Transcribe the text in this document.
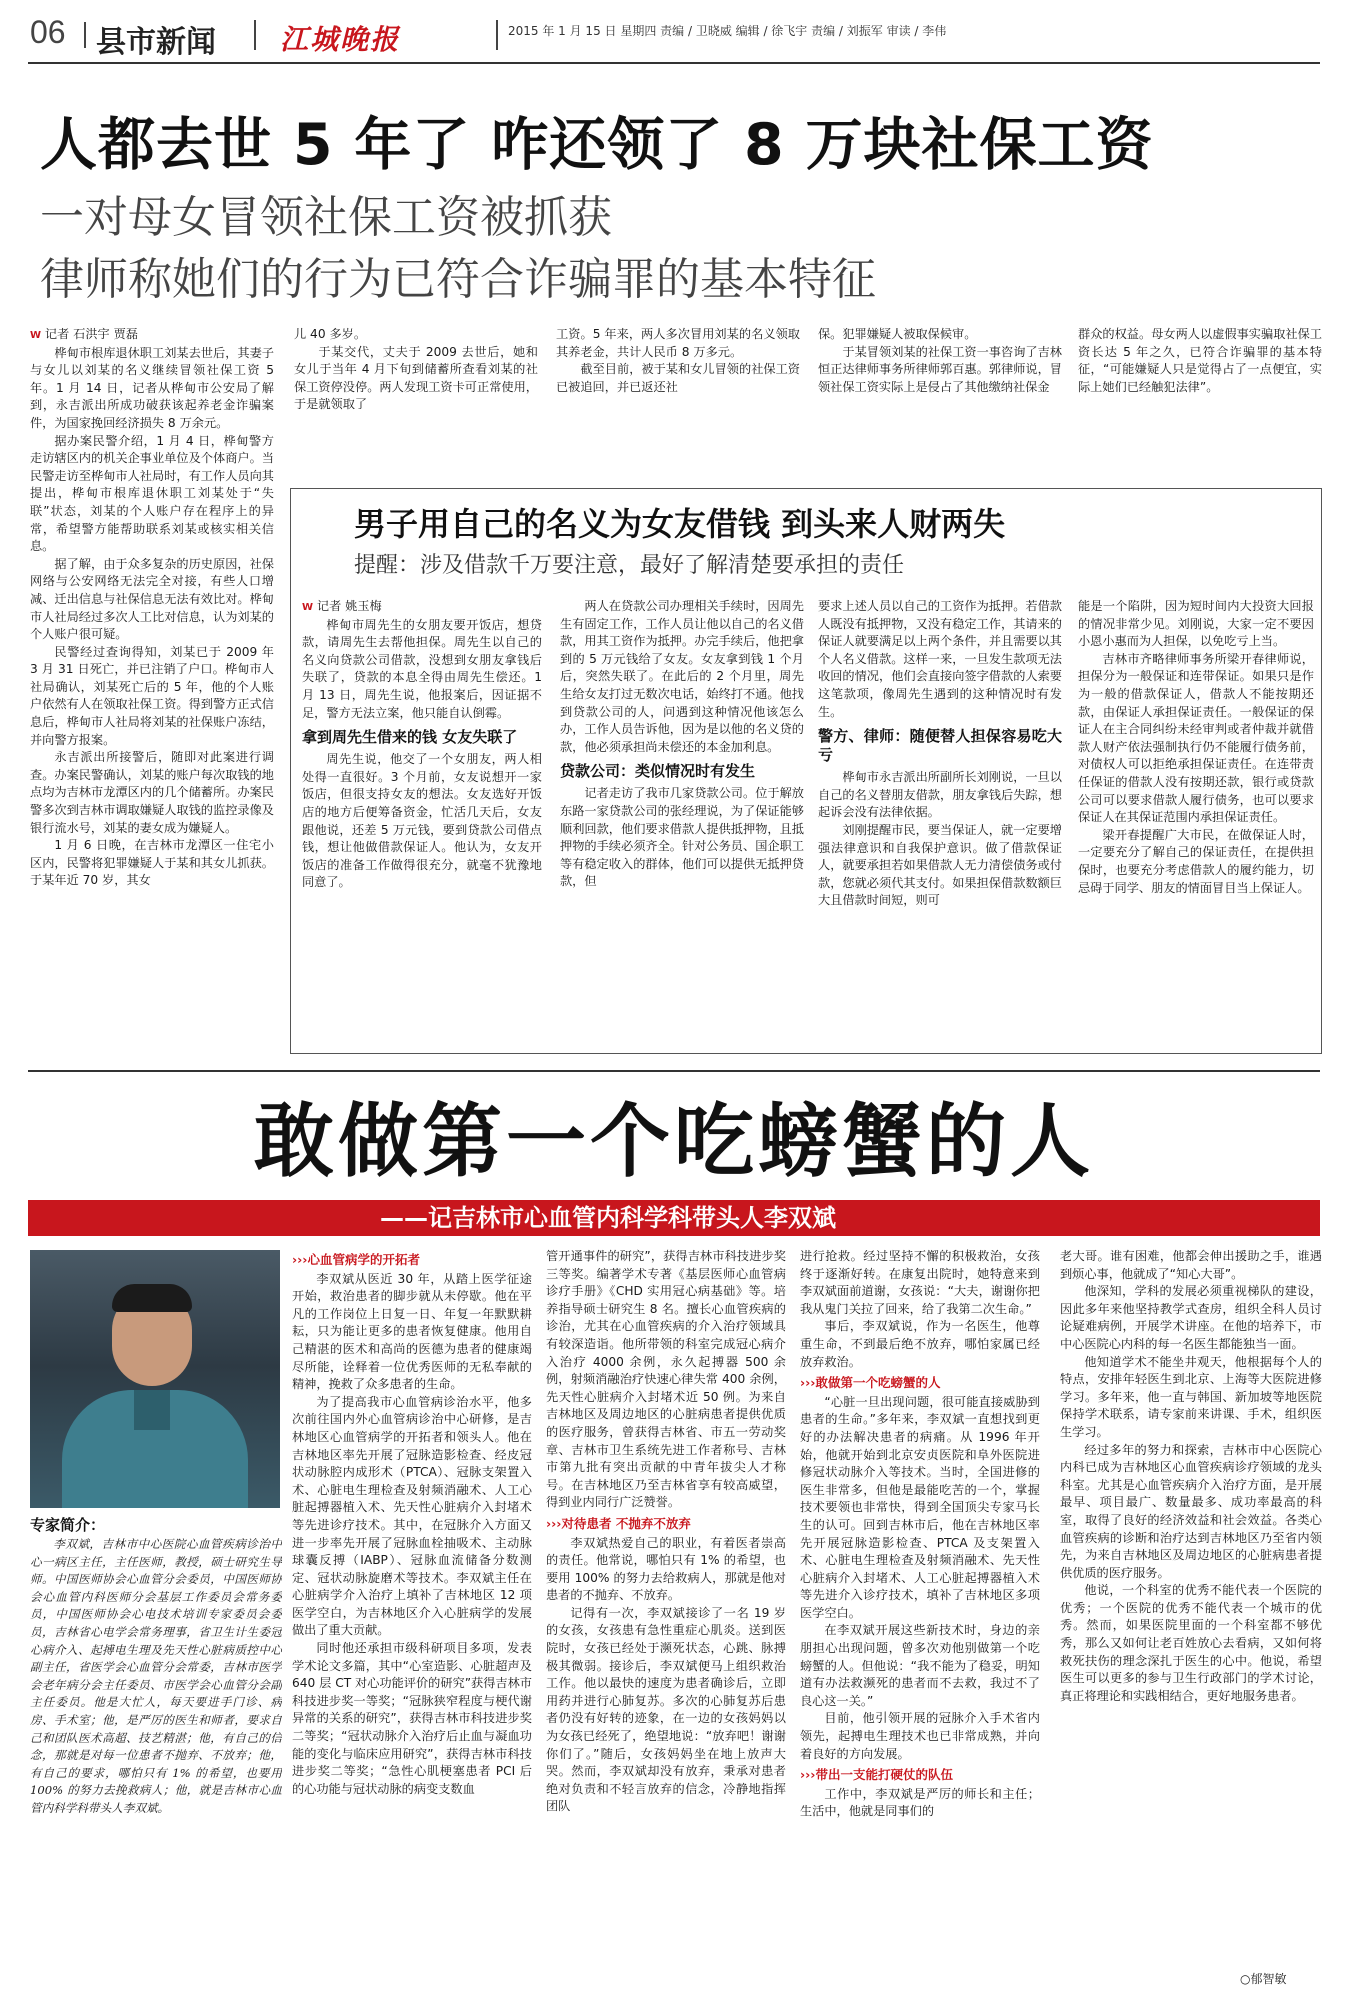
06 县市新闻 江城晚报	2015 年 1 月 15 日 星期四 责编 / 卫晓威 编辑 / 徐飞宇 责编 / 刘振军 审读 / 李伟
人都去世 5 年了 咋还领了 8 万块社保工资
一对母女冒领社保工资被抓获
律师称她们的行为已符合诈骗罪的基本特征
W 记者 石洪宇 贾磊

桦甸市根库退休职工刘某去世后，其妻子与女儿以刘某的名义继续冒领社保工资 5 年。1 月 14 日，记者从桦甸市公安局了解到，永吉派出所成功破获该起养老金诈骗案件，为国家挽回经济损失 8 万余元。

据办案民警介绍，1 月 4 日，桦甸警方走访辖区内的机关企事业单位及个体商户。当民警走访至桦甸市人社局时，有工作人员向其提出，桦甸市根库退休职工刘某处于“失联”状态，刘某的个人账户存在程序上的异常，希望警方能帮助联系刘某或核实相关信息。

据了解，由于众多复杂的历史原因，社保网络与公安网络无法完全对接，有些人口增减、迁出信息与社保信息无法有效比对。桦甸市人社局经过多次人工比对信息，认为刘某的个人账户很可疑。

民警经过查询得知，刘某已于 2009 年 3 月 31 日死亡，并已注销了户口。桦甸市人社局确认，刘某死亡后的 5 年，他的个人账户依然有人在领取社保工资。得到警方正式信息后，桦甸市人社局将刘某的社保账户冻结，并向警方报案。

永吉派出所接警后，随即对此案进行调查。办案民警确认，刘某的账户每次取钱的地点均为吉林市龙潭区内的几个储蓄所。办案民警多次到吉林市调取嫌疑人取钱的监控录像及银行流水号，刘某的妻女成为嫌疑人。

1 月 6 日晚，在吉林市龙潭区一住宅小区内，民警将犯罪嫌疑人于某和其女儿抓获。于某年近 70 岁，其女

儿 40 多岁。

于某交代，丈夫于 2009 去世后，她和女儿于当年 4 月下旬到储蓄所查看刘某的社保工资停没停。两人发现工资卡可正常使用，于是就领取了

工资。5 年来，两人多次冒用刘某的名义领取其养老金，共计人民币 8 万多元。

截至目前，被于某和女儿冒领的社保工资已被追回，并已返还社

保。犯罪嫌疑人被取保候审。

于某冒领刘某的社保工资一事咨询了吉林恒正达律师事务所律师郭百惠。郭律师说，冒领社保工资实际上是侵占了其他缴纳社保金

群众的权益。母女两人以虚假事实骗取社保工资长达 5 年之久，已符合诈骗罪的基本特征，“可能嫌疑人只是觉得占了一点便宜，实际上她们已经触犯法律”。

男子用自己的名义为女友借钱 到头来人财两失
提醒：涉及借款千万要注意，最好了解清楚要承担的责任
W 记者 姚玉梅

桦甸市周先生的女朋友要开饭店，想贷款，请周先生去帮他担保。周先生以自己的名义向贷款公司借款，没想到女朋友拿钱后失联了，贷款的本息全得由周先生偿还。1 月 13 日，周先生说，他报案后，因证据不足，警方无法立案，他只能自认倒霉。

拿到周先生借来的钱 女友失联了

周先生说，他交了一个女朋友，两人相处得一直很好。3 个月前，女友说想开一家饭店，但很支持女友的想法。女友选好开饭店的地方后便筹备资金，忙活几天后，女友跟他说，还差 5 万元钱，要到贷款公司借点钱，想让他做借款保证人。他认为，女友开饭店的准备工作做得很充分，就毫不犹豫地同意了。

两人在贷款公司办理相关手续时，因周先生有固定工作，工作人员让他以自己的名义借款，用其工资作为抵押。办完手续后，他把拿到的 5 万元钱给了女友。女友拿到钱 1 个月后，突然失联了。在此后的 2 个月里，周先生给女友打过无数次电话，始终打不通。他找到贷款公司的人，问遇到这种情况他该怎么办，工作人员告诉他，因为是以他的名义贷的款，他必须承担尚未偿还的本金加利息。

贷款公司：类似情况时有发生

记者走访了我市几家贷款公司。位于解放东路一家贷款公司的张经理说，为了保证能够顺利回款，他们要求借款人提供抵押物，且抵押物的手续必须齐全。针对公务员、国企职工等有稳定收入的群体，他们可以提供无抵押贷款，但

要求上述人员以自己的工资作为抵押。若借款人既没有抵押物，又没有稳定工作，其请来的保证人就要满足以上两个条件，并且需要以其个人名义借款。这样一来，一旦发生款项无法收回的情况，他们会直接向签字借款的人索要这笔款项，像周先生遇到的这种情况时有发生。

警方、律师：随便替人担保容易吃大亏

桦甸市永吉派出所副所长刘刚说，一旦以自己的名义替朋友借款，朋友拿钱后失踪，想起诉会没有法律依据。

刘刚提醒市民，要当保证人，就一定要增强法律意识和自我保护意识。做了借款保证人，就要承担若如果借款人无力清偿债务或付款，您就必须代其支付。如果担保借款数额巨大且借款时间短，则可

能是一个陷阱，因为短时间内大投资大回报的情况非常少见。刘刚说，大家一定不要因小恩小惠而为人担保，以免吃亏上当。

吉林市齐略律师事务所梁开春律师说，担保分为一般保证和连带保证。如果只是作为一般的借款保证人，借款人不能按期还款，由保证人承担保证责任。一般保证的保证人在主合同纠纷未经审判或者仲裁并就借款人财产依法强制执行仍不能履行债务前，对债权人可以拒绝承担保证责任。在连带责任保证的借款人没有按期还款，银行或贷款公司可以要求借款人履行债务，也可以要求保证人在其保证范围内承担保证责任。

梁开春提醒广大市民，在做保证人时，一定要充分了解自己的保证责任，在提供担保时，也要充分考虑借款人的履约能力，切忌碍于同学、朋友的情面冒目当上保证人。

敢做第一个吃螃蟹的人
——记吉林市心血管内科学科带头人李双斌
专家简介：
李双斌，吉林市中心医院心血管疾病诊治中心一病区主任，主任医师，教授，硕士研究生导师。中国医师协会心血管分会委员，中国医师协会心血管内科医师分会基层工作委员会常务委员，中国医师协会心电技术培训专家委员会委员，吉林省心电学会常务理事，省卫生计生委冠心病介入、起搏电生理及先天性心脏病质控中心副主任，省医学会心血管分会常委，吉林市医学会老年病分会主任委员、市医学会心血管分会副主任委员。他是大忙人，每天要进手门诊、病房、手术室；他，是严厉的医生和师者，要求自己和团队医术高超、技艺精湛；他，有自己的信念，那就是对每一位患者不抛弃、不放弃；他，有自己的要求，哪怕只有 1% 的希望，也要用 100% 的努力去挽救病人；他，就是吉林市心血管内科学科带头人李双斌。
›››心血管病学的开拓者

李双斌从医近 30 年，从踏上医学征途开始，救治患者的脚步就从未停歇。他在平凡的工作岗位上日复一日、年复一年默默耕耘，只为能让更多的患者恢复健康。他用自己精湛的医术和高尚的医德为患者的健康竭尽所能，诠释着一位优秀医师的无私奉献的精神，挽救了众多患者的生命。

为了提高我市心血管病诊治水平，他多次前往国内外心血管病诊治中心研修，是吉林地区心血管病学的开拓者和领头人。他在吉林地区率先开展了冠脉造影检查、经皮冠状动脉腔内成形术（PTCA）、冠脉支架置入术、心脏电生理检查及射频消融术、人工心脏起搏器植入术、先天性心脏病介入封堵术等先进诊疗技术。其中，在冠脉介入方面又进一步率先开展了冠脉血栓抽吸术、主动脉球囊反搏（IABP）、冠脉血流储备分数测定、冠状动脉旋磨术等技术。李双斌主任在心脏病学介入治疗上填补了吉林地区 12 项医学空白，为吉林地区介入心脏病学的发展做出了重大贡献。

同时他还承担市级科研项目多项，发表学术论文多篇，其中“心室造影、心脏超声及 640 层 CT 对心功能评价的研究”获得吉林市科技进步奖一等奖；“冠脉狭窄程度与梗代谢异常的关系的研究”，获得吉林市科技进步奖二等奖；“冠状动脉介入治疗后止血与凝血功能的变化与临床应用研究”，获得吉林市科技进步奖二等奖；“急性心肌梗塞患者 PCI 后的心功能与冠状动脉的病变支数血

管开通事件的研究”，获得吉林市科技进步奖三等奖。编著学术专著《基层医师心血管病诊疗手册》《CHD 实用冠心病基础》等。培养指导硕士研究生 8 名。擅长心血管疾病的诊治，尤其在心血管疾病的介入治疗领域具有较深造诣。他所带领的科室完成冠心病介入治疗 4000 余例，永久起搏器 500 余例，射频消融治疗快速心律失常 400 余例，先天性心脏病介入封堵术近 50 例。为来自吉林地区及周边地区的心脏病患者提供优质的医疗服务，曾获得吉林省、市五一劳动奖章、吉林市卫生系统先进工作者称号、吉林市第九批有突出贡献的中青年拔尖人才称号。在吉林地区乃至吉林省享有较高威望，得到业内同行广泛赞誉。

›››对待患者 不抛弃不放弃

李双斌热爱自己的职业，有着医者崇高的责任。他常说，哪怕只有 1% 的希望，也要用 100% 的努力去给救病人，那就是他对患者的不抛弃、不放弃。

记得有一次，李双斌接诊了一名 19 岁的女孩，女孩患有急性重症心肌炎。送到医院时，女孩已经处于濒死状态，心跳、脉搏极其微弱。接诊后，李双斌便马上组织救治工作。他以最快的速度为患者确诊后，立即用药并进行心肺复苏。多次的心肺复苏后患者仍没有好转的迹象，在一边的女孩妈妈以为女孩已经死了，绝望地说：“放弃吧！谢谢你们了。”随后，女孩妈妈坐在地上放声大哭。然而，李双斌却没有放弃，秉承对患者绝对负责和不轻言放弃的信念，冷静地指挥团队

进行抢救。经过坚持不懈的积极救治，女孩终于逐渐好转。在康复出院时，她特意来到李双斌面前道谢，女孩说：“大夫，谢谢你把我从鬼门关拉了回来，给了我第二次生命。”

事后，李双斌说，作为一名医生，他尊重生命，不到最后绝不放弃，哪怕家属已经放弃救治。

›››敢做第一个吃螃蟹的人

“心脏一旦出现问题，很可能直接威胁到患者的生命。”多年来，李双斌一直想找到更好的办法解决患者的病痛。从 1996 年开始，他就开始到北京安贞医院和阜外医院进修冠状动脉介入等技术。当时，全国进修的医生非常多，但他是最能吃苦的一个，掌握技术要领也非常快，得到全国顶尖专家马长生的认可。回到吉林市后，他在吉林地区率先开展冠脉造影检查、PTCA 及支架置入术、心脏电生理检查及射频消融术、先天性心脏病介入封堵术、人工心脏起搏器植入术等先进介入诊疗技术，填补了吉林地区多项医学空白。

在李双斌开展这些新技术时，身边的亲朋担心出现问题，曾多次劝他别做第一个吃螃蟹的人。但他说：“我不能为了稳妥，明知道有办法救濒死的患者而不去救，我过不了良心这一关。”

目前，他引领开展的冠脉介入手术省内领先，起搏电生理技术也已非常成熟，并向着良好的方向发展。

›››带出一支能打硬仗的队伍

工作中，李双斌是严厉的师长和主任；生活中，他就是同事们的

老大哥。谁有困难，他都会伸出援助之手，谁遇到烦心事，他就成了“知心大哥”。

他深知，学科的发展必须重视梯队的建设，因此多年来他坚持教学式查房，组织全科人员讨论疑难病例，开展学术讲座。在他的培养下，市中心医院心内科的每一名医生都能独当一面。

他知道学术不能坐井观天，他根据每个人的特点，安排年轻医生到北京、上海等大医院进修学习。多年来，他一直与韩国、新加坡等地医院保持学术联系，请专家前来讲课、手术，组织医生学习。

经过多年的努力和探索，吉林市中心医院心内科已成为吉林地区心血管疾病诊疗领域的龙头科室。尤其是心血管疾病介入治疗方面，是开展最早、项目最广、数量最多、成功率最高的科室，取得了良好的经济效益和社会效益。各类心血管疾病的诊断和治疗达到吉林地区乃至省内领先，为来自吉林地区及周边地区的心脏病患者提供优质的医疗服务。

他说，一个科室的优秀不能代表一个医院的优秀；一个医院的优秀不能代表一个城市的优秀。然而，如果医院里面的一个科室都不够优秀，那么又如何让老百姓放心去看病，又如何将救死扶伤的理念深扎于医生的心中。他说，希望医生可以更多的参与卫生行政部门的学术讨论，真正将理论和实践相结合，更好地服务患者。

○郁智敏
